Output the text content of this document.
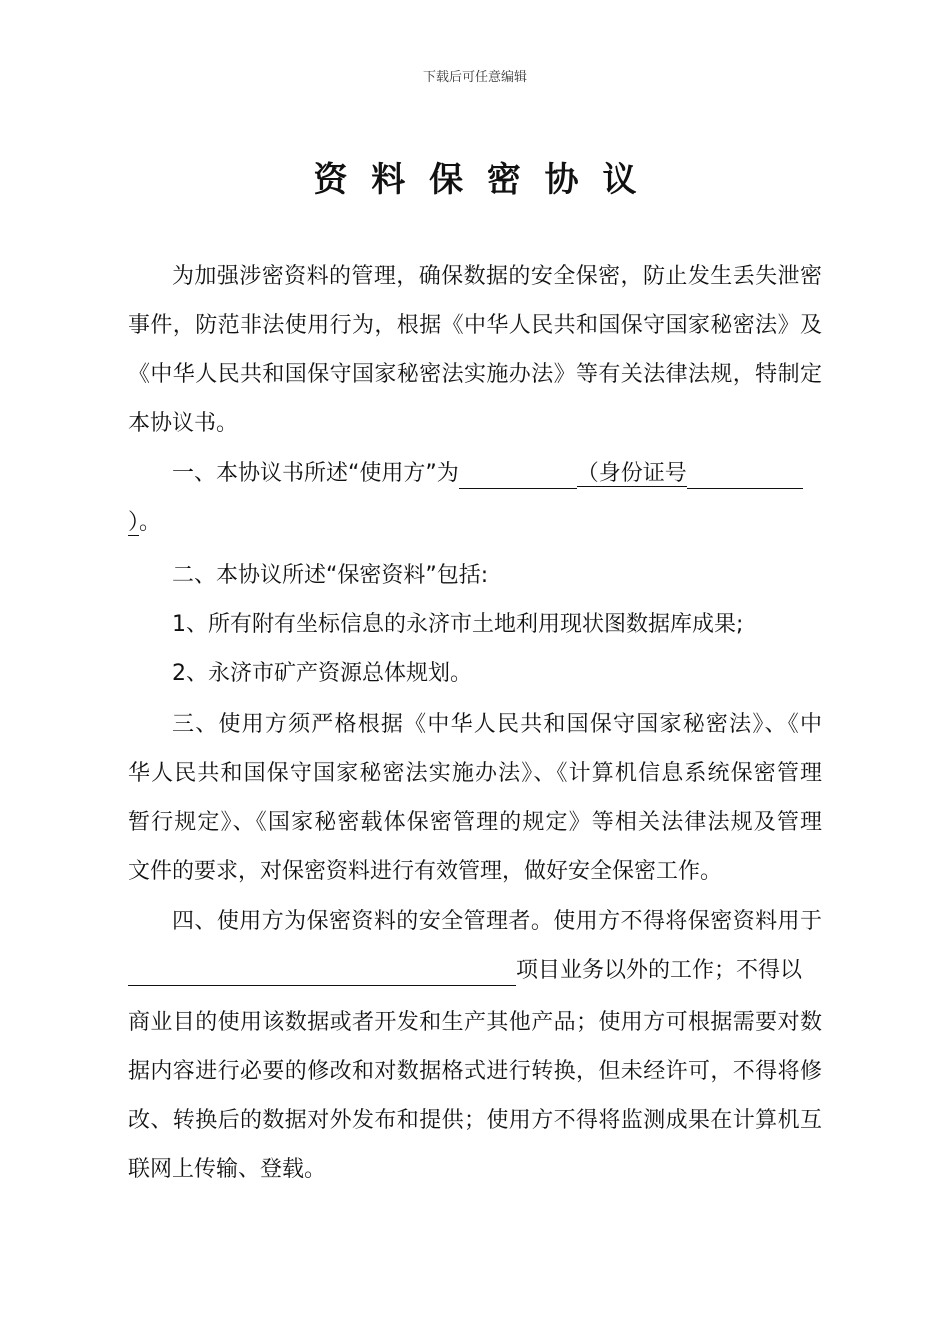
下载后可任意编辑
资料保密协议
为加强涉密资料的管理，确保数据的安全保密，防止发生丢失泄密
事件，防范非法使用行为，根据《中华人民共和国保守国家秘密法》及
《中华人民共和国保守国家秘密法实施办法》等有关法律法规，特制定
本协议书。
一、本协议书所述“使用方”为	（身份证号
）。
二、本协议所述“保密资料”包括:
1、所有附有坐标信息的永济市土地利用现状图数据库成果;
2、永济市矿产资源总体规划。
三、使用方须严格根据《中华人民共和国保守国家秘密法》、《中
华人民共和国保守国家秘密法实施办法》、《计算机信息系统保密管理
暂行规定》、《国家秘密载体保密管理的规定》等相关法律法规及管理
文件的要求，对保密资料进行有效管理，做好安全保密工作。
四、使用方为保密资料的安全管理者。使用方不得将保密资料用于
项目业务以外的工作；不得以
商业目的使用该数据或者开发和生产其他产品；使用方可根据需要对数
据内容进行必要的修改和对数据格式进行转换，但未经许可，不得将修
改、转换后的数据对外发布和提供；使用方不得将监测成果在计算机互
联网上传输、登载。
